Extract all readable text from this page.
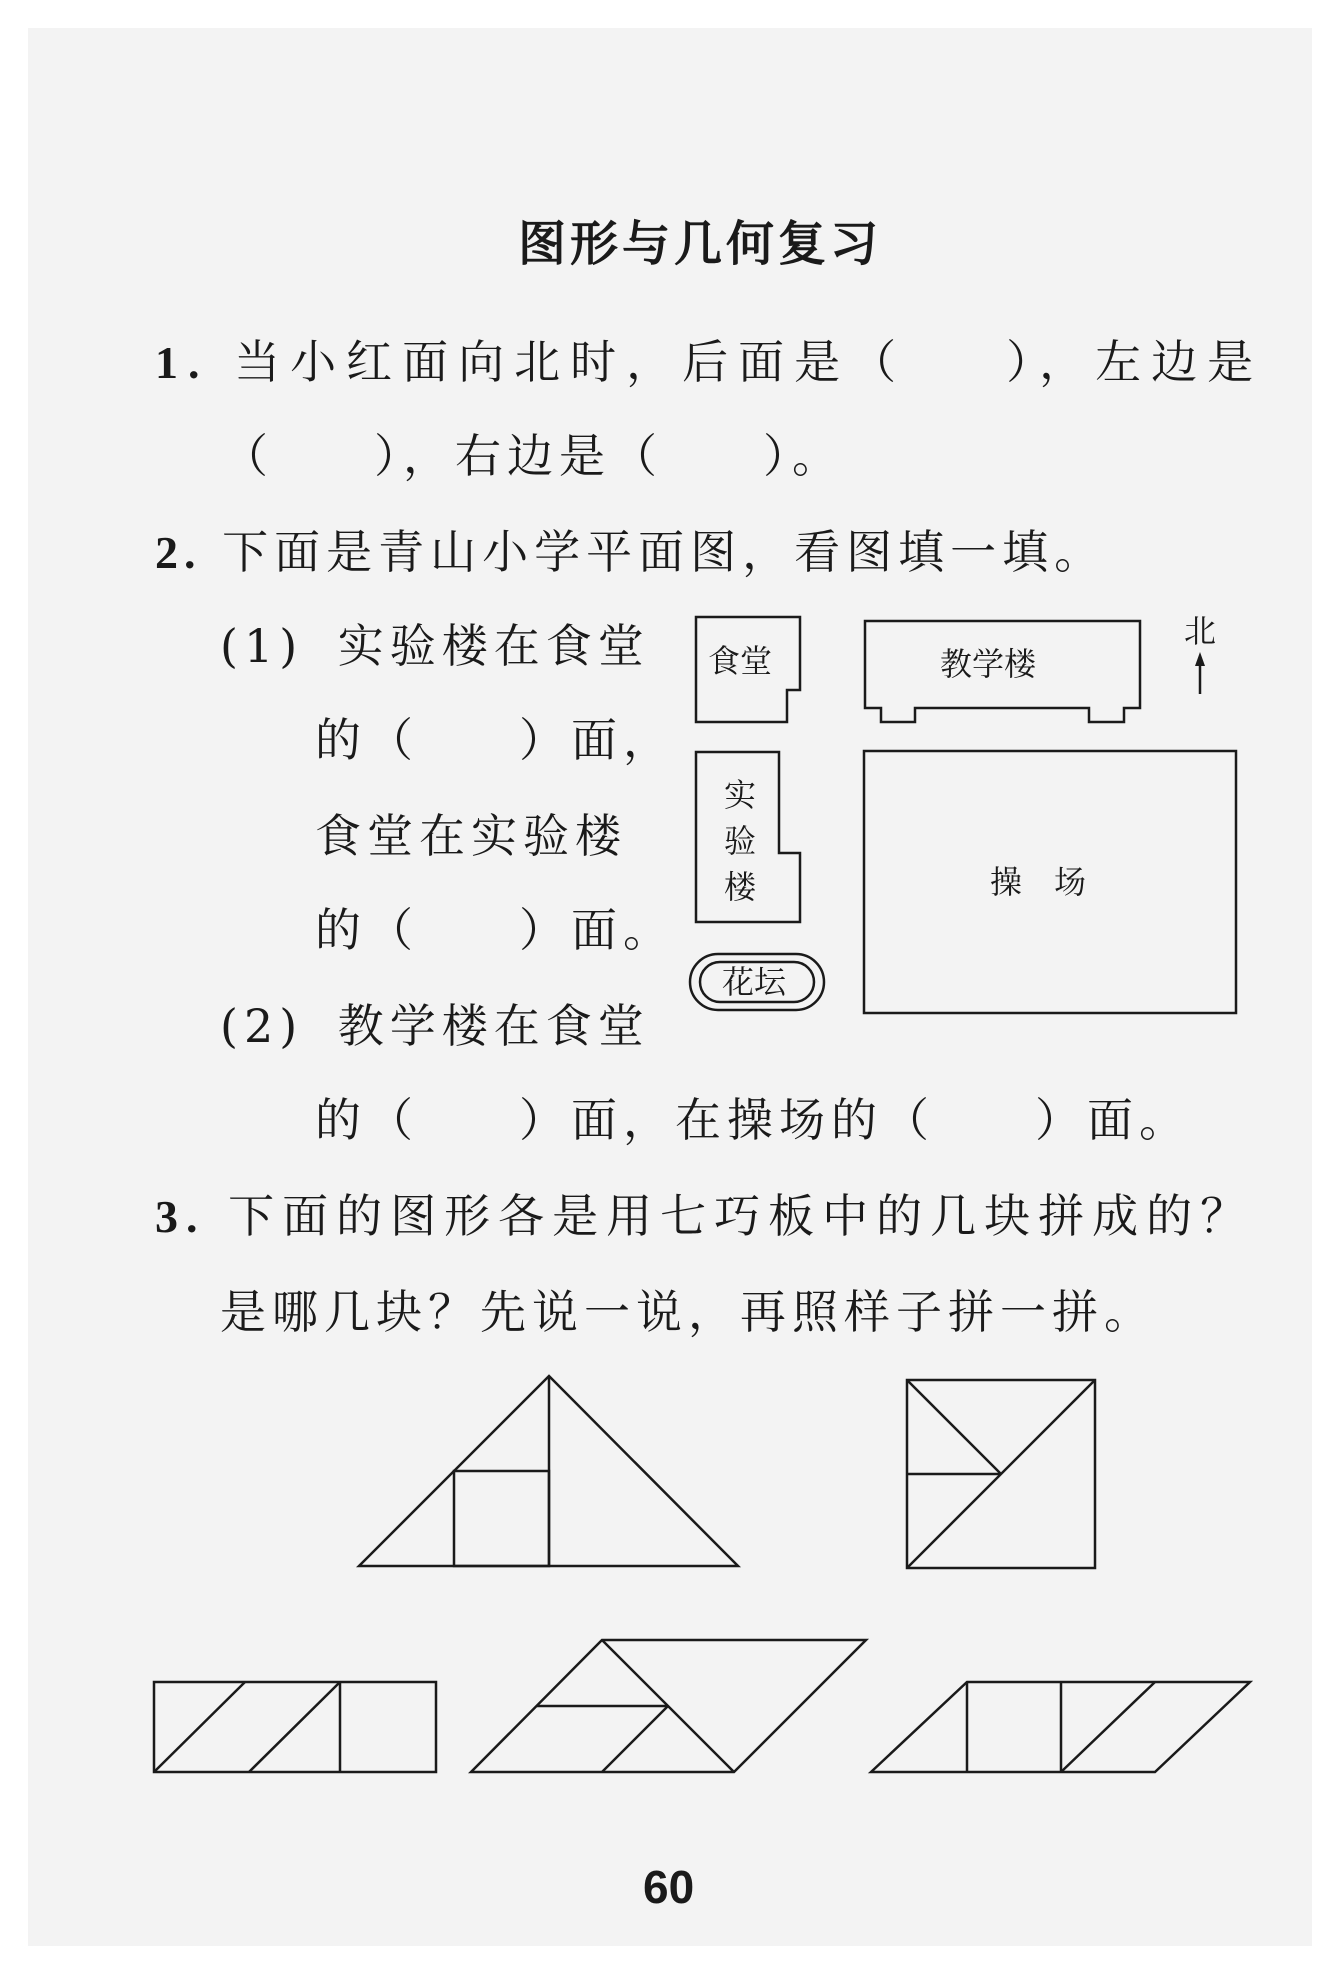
图形与几何复习
1. 当小红面向北时，后面是（ ），左边是
（ ），右边是（ ）。
2. 下面是青山小学平面图，看图填一填。
(1) 实验楼在食堂
的（ ）面，
食堂在实验楼
的（ ）面。
(2) 教学楼在食堂
的（ ）面，在操场的（ ）面。
3. 下面的图形各是用七巧板中的几块拼成的？
是哪几块？先说一说，再照样子拼一拼。
食堂	教学楼
北
实
验
楼	操　场
花坛
60
